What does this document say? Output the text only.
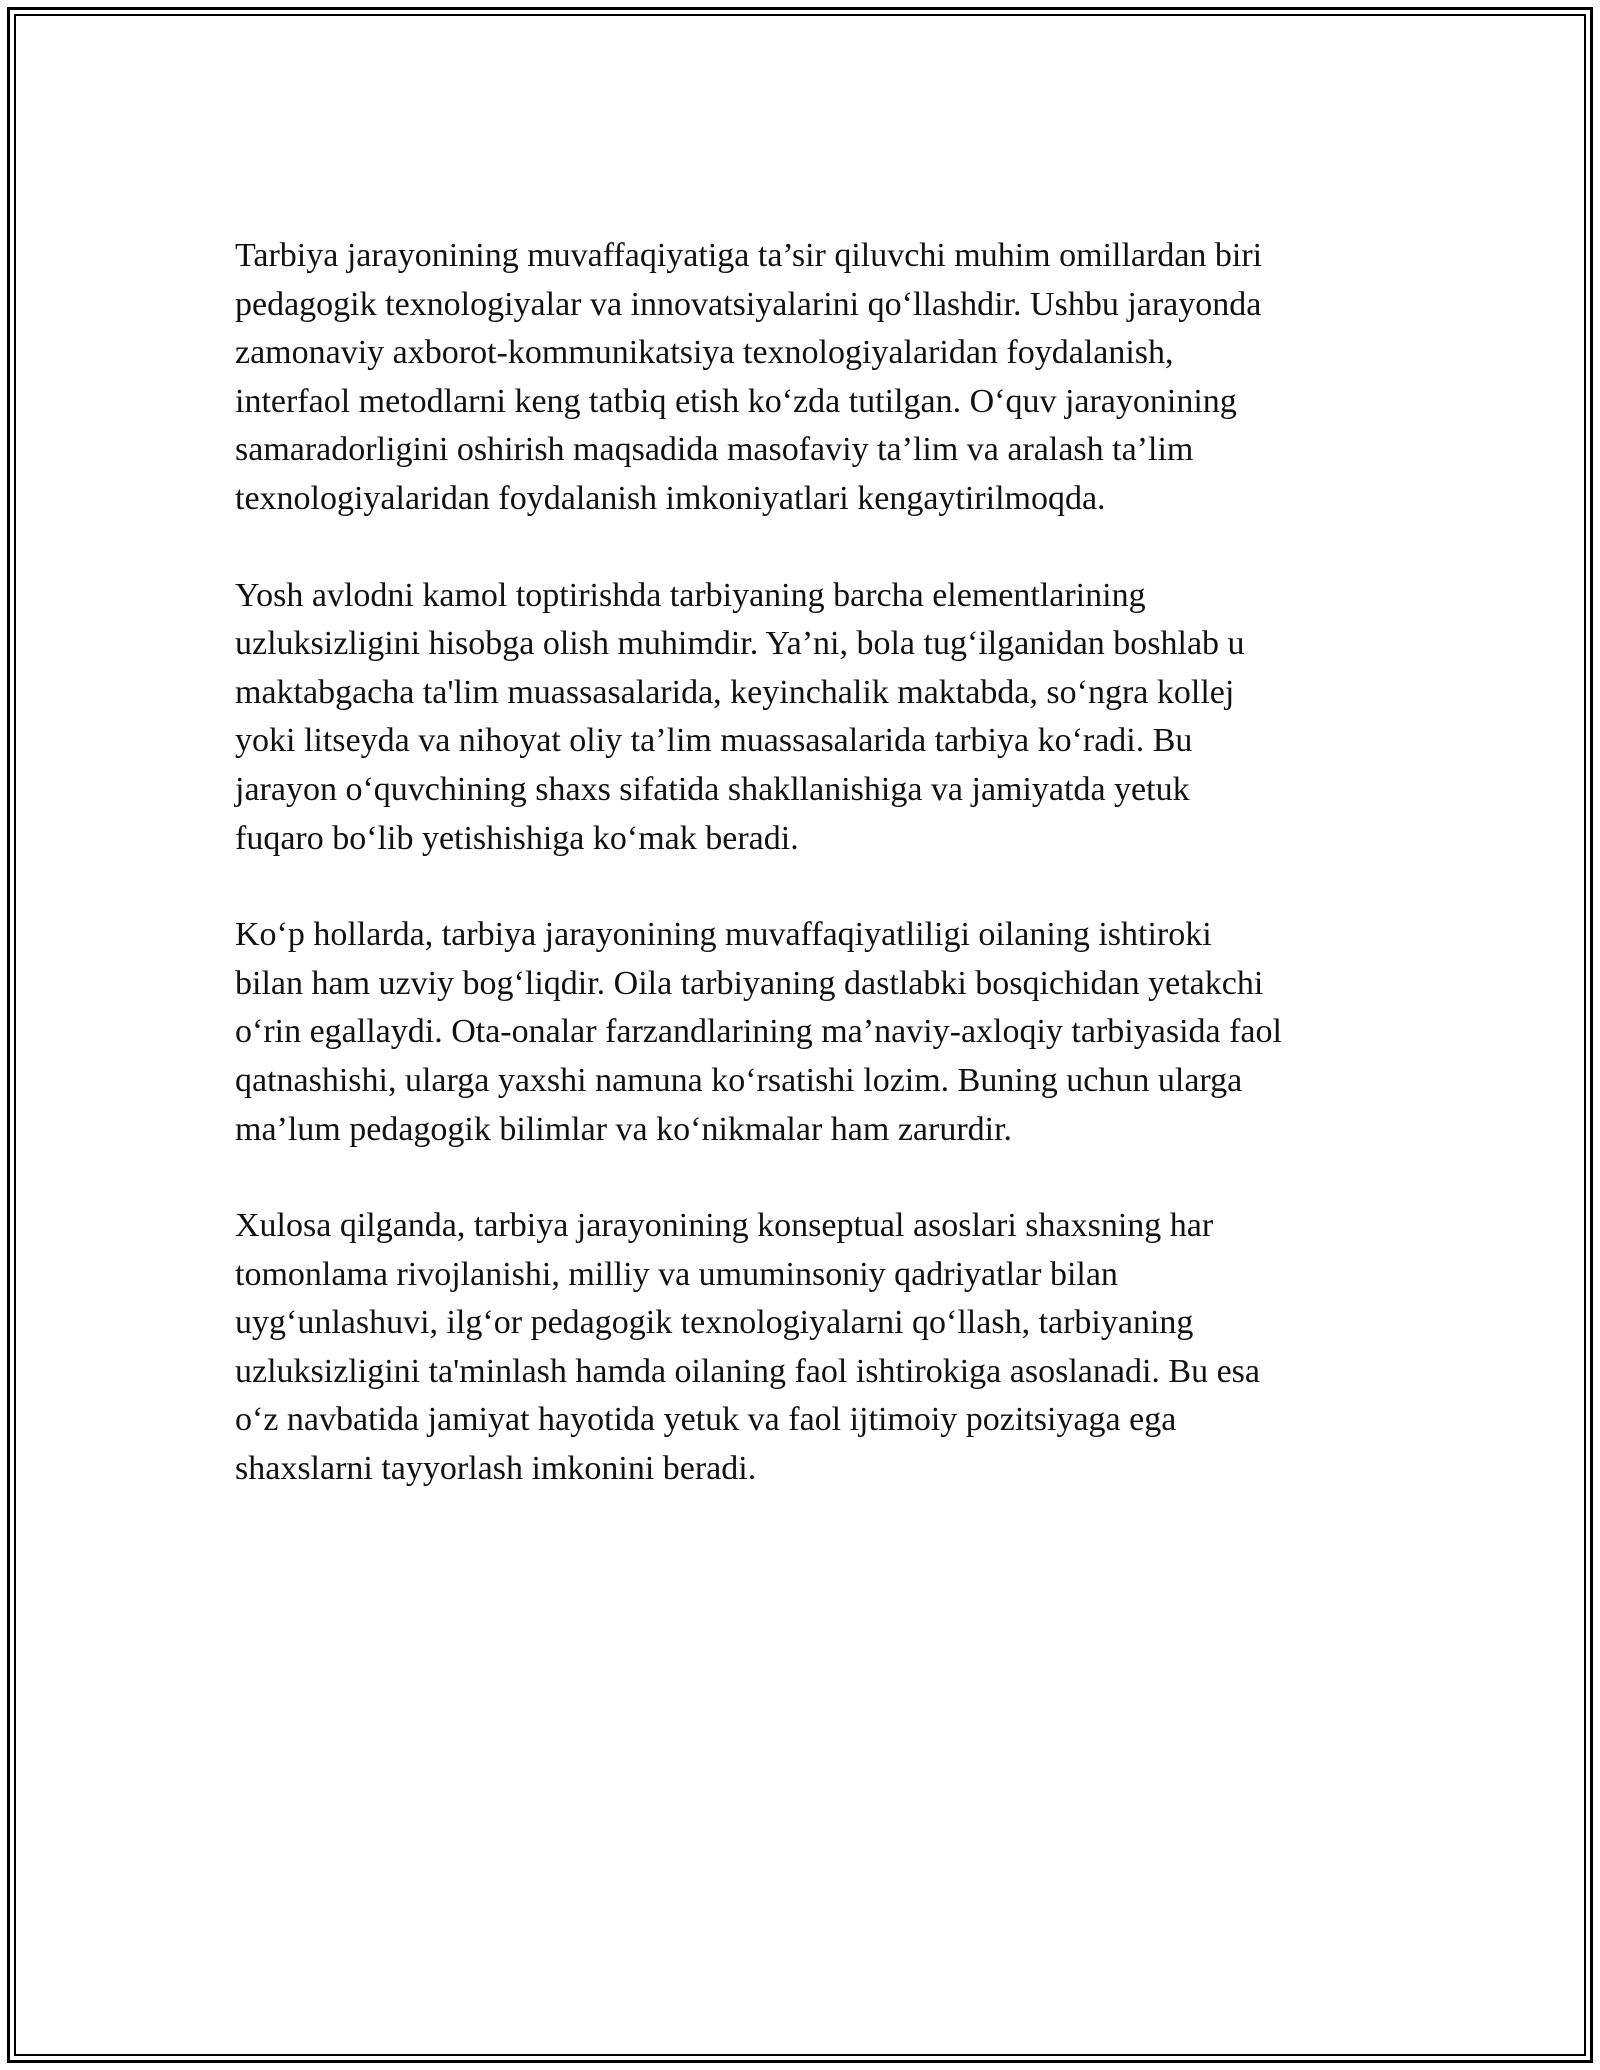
Tarbiya jarayonining muvaffaqiyatiga ta’sir qiluvchi muhim omillardan biri
pedagogik texnologiyalar va innovatsiyalarini qo‘llashdir. Ushbu jarayonda
zamonaviy axborot-kommunikatsiya texnologiyalaridan foydalanish,
interfaol metodlarni keng tatbiq etish ko‘zda tutilgan. O‘quv jarayonining
samaradorligini oshirish maqsadida masofaviy ta’lim va aralash ta’lim
texnologiyalaridan foydalanish imkoniyatlari kengaytirilmoqda.

Yosh avlodni kamol toptirishda tarbiyaning barcha elementlarining
uzluksizligini hisobga olish muhimdir. Ya’ni, bola tug‘ilganidan boshlab u
maktabgacha ta'lim muassasalarida, keyinchalik maktabda, so‘ngra kollej
yoki litseyda va nihoyat oliy ta’lim muassasalarida tarbiya ko‘radi. Bu
jarayon o‘quvchining shaxs sifatida shakllanishiga va jamiyatda yetuk
fuqaro bo‘lib yetishishiga ko‘mak beradi.

Ko‘p hollarda, tarbiya jarayonining muvaffaqiyatliligi oilaning ishtiroki
bilan ham uzviy bog‘liqdir. Oila tarbiyaning dastlabki bosqichidan yetakchi
o‘rin egallaydi. Ota-onalar farzandlarining ma’naviy-axloqiy tarbiyasida faol
qatnashishi, ularga yaxshi namuna ko‘rsatishi lozim. Buning uchun ularga
ma’lum pedagogik bilimlar va ko‘nikmalar ham zarurdir.

Xulosa qilganda, tarbiya jarayonining konseptual asoslari shaxsning har
tomonlama rivojlanishi, milliy va umuminsoniy qadriyatlar bilan
uyg‘unlashuvi, ilg‘or pedagogik texnologiyalarni qo‘llash, tarbiyaning
uzluksizligini ta'minlash hamda oilaning faol ishtirokiga asoslanadi. Bu esa
o‘z navbatida jamiyat hayotida yetuk va faol ijtimoiy pozitsiyaga ega
shaxslarni tayyorlash imkonini beradi.
